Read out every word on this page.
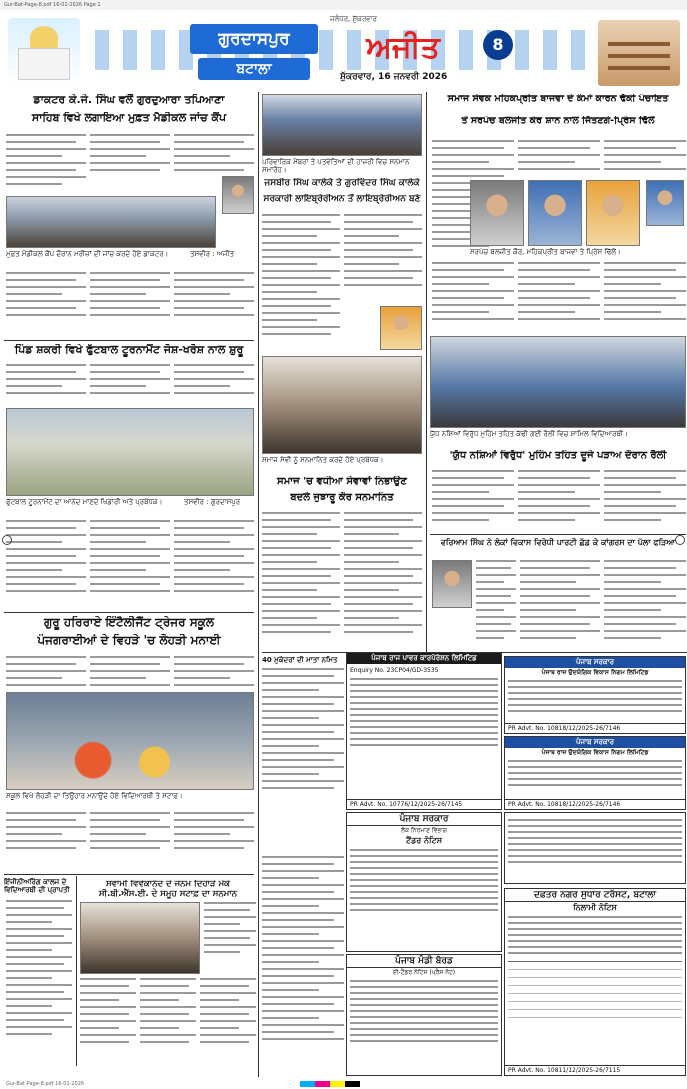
Gur-Bat-Page-8.pdf 16-01-2026 Page 1
ਗੁਰਦਾਸਪੁਰ
ਬਟਾਲਾ
ਜਲੰਧਰ, ਸ਼ੁੱਕਰਵਾਰ
ਅਜੀਤ
ਸ਼ੁੱਕਰਵਾਰ, 16 ਜਨਵਰੀ 2026
8
ਡਾਕਟਰ ਕੇ.ਜੇ. ਸਿੰਘ ਵਲੋਂ ਗੁਰਦੁਆਰਾ ਤਪਿਆਣਾ
ਸਾਹਿਬ ਵਿਖੇ ਲਗਾਇਆ ਮੁਫ਼ਤ ਮੈਡੀਕਲ ਜਾਂਚ ਕੈਂਪ
ਮੁਫ਼ਤ ਮੈਡੀਕਲ ਕੈਂਪ ਦੌਰਾਨ ਮਰੀਜ਼ਾਂ ਦੀ ਜਾਂਚ ਕਰਦੇ ਹੋਏ ਡਾਕਟਰ।	ਤਸਵੀਰ : ਅਜੀਤ
ਪਿੰਡ ਸ਼ਕਰੀ ਵਿਖੇ ਫੁੱਟਬਾਲ ਟੂਰਨਾਮੈਂਟ ਜੋਸ਼-ਖਰੋਸ਼ ਨਾਲ ਸ਼ੁਰੂ
ਫੁੱਟਬਾਲ ਟੂਰਨਾਮੈਂਟ ਦਾ ਆਨੰਦ ਮਾਣਦੇ ਖਿਡਾਰੀ ਅਤੇ ਪ੍ਰਬੰਧਕ।	ਤਸਵੀਰ : ਗੁਰਦਾਸਪੁਰ
ਗੁਰੂ ਹਰਿਰਾਏ ਇੰਟੈਲੀਜੈਂਟ ਟ੍ਰੇਜਰ ਸਕੂਲ
ਪੰਜਗਰਾਈਆਂ ਦੇ ਵਿਹੜੇ 'ਚ ਲੋਹੜੀ ਮਨਾਈ
ਸਕੂਲ ਵਿਖੇ ਲੋਹੜੀ ਦਾ ਤਿਉਹਾਰ ਮਨਾਉਂਦੇ ਹੋਏ ਵਿਦਿਆਰਥੀ ਤੇ ਸਟਾਫ਼।
ਇੰਜੀਨੀਅਰਿੰਗ ਕਾਲਜ ਦੇ ਵਿਦਿਆਰਥੀ ਦੀ ਪ੍ਰਾਪਤੀ
ਸਵਾਮੀ ਵਿਵੇਕਾਨੰਦ ਦੇ ਜਨਮ ਦਿਹਾੜੇ ਮੌਕੇ ਸੀ.ਬੀ.ਐੱਸ.ਈ. ਦੇ ਸਮੂਹ ਸਟਾਫ਼ ਦਾ ਸਨਮਾਨ
ਪਰਿਵਾਰਿਕ ਮੈਂਬਰਾਂ ਤੇ ਪਤਵੰਤਿਆਂ ਦੀ ਹਾਜ਼ਰੀ ਵਿਚ ਸਨਮਾਨ ਸਮਾਰੋਹ।
ਜਸਬੀਰ ਸਿੰਘ ਕਾਲੇਕੇ ਤੇ ਗੁਰਵਿੰਦਰ ਸਿੰਘ ਕਾਲੇਕੇ
ਸਰਕਾਰੀ ਲਾਇਬ੍ਰੇਰੀਅਨ ਤੋਂ ਲਾਇਬ੍ਰੇਰੀਅਨ ਬਣੇ
ਸਮਾਜ ਸੇਵੀ ਨੂੰ ਸਨਮਾਨਿਤ ਕਰਦੇ ਹੋਏ ਪ੍ਰਬੰਧਕ।
ਸਮਾਜ 'ਚ ਵਧੀਆ ਸੇਵਾਵਾਂ ਨਿਭਾਉਣ
ਬਦਲੇ ਜੁਝਾਰੂ ਕੌਰ ਸਨਮਾਨਿਤ
40 ਮੁਕੰਦਰਾਂ ਦੀ ਮਾਤਾ ਨਮਿਤ	ਪੰਜਾਬ ਰਾਜ ਪਾਵਰ ਕਾਰਪੋਰੇਸ਼ਨ ਲਿਮਿਟਿਡ
Enquiry No. 23CP04/GD-3535
PR Advt. No. 10776/12/2025-26/7145
ਪੰਜਾਬ ਸਰਕਾਰ
ਲੋਕ ਨਿਰਮਾਣ ਵਿਭਾਗ
ਟੈਂਡਰ ਨੋਟਿਸ
ਪੰਜਾਬ ਮੰਡੀ ਬੋਰਡ
ਈ-ਟੈਂਡਰ ਨੋਟਿਸ (ਪ੍ਰੈਸ ਨੋਟ)
ਸਮਾਜ ਸੇਵਕ ਮਹਿਕਪ੍ਰੀਤ ਬਾਜਵਾ ਦੇ ਕੰਮਾਂ ਕਾਰਨ ਢੱਕੀ ਪੰਚਾਇਤ
ਤੋਂ ਸਰਪੰਚ ਬਲਜੀਤ ਕੌਰ ਸ਼ਾਨ ਨਾਲ ਜਿੱਤਣਗੇ-ਪ੍ਰਿੰਸ ਢਿੱਲੋਂ
ਸਰਪੰਚ ਬਲਜੀਤ ਕੌਰ, ਮਹਿਕਪ੍ਰੀਤ ਬਾਜਵਾ ਤੇ ਪ੍ਰਿੰਸ ਢਿੱਲੋਂ।
ਯੁੱਧ ਨਸ਼ਿਆਂ ਵਿਰੁੱਧ ਮੁਹਿੰਮ ਤਹਿਤ ਕੱਢੀ ਗਈ ਰੈਲੀ ਵਿਚ ਸ਼ਾਮਿਲ ਵਿਦਿਆਰਥੀ।
'ਯੁੱਧ ਨਸ਼ਿਆਂ ਵਿਰੁੱਧ' ਮੁਹਿੰਮ ਤਹਿਤ ਦੂਜੇ ਪੜਾਅ ਦੌਰਾਨ ਰੈਲੀ
ਵਰਿਆਮ ਸਿੰਘ ਨੇ ਲੋਕਾਂ ਵਿਕਾਸ ਵਿਰੋਧੀ ਪਾਰਟੀ ਛੱਡ ਕੇ ਕਾਂਗਰਸ ਦਾ ਪੱਲਾ ਫੜਿਆ
ਪੰਜਾਬ ਸਰਕਾਰ
ਪੰਜਾਬ ਰਾਜ ਉਦਯੋਗਿਕ ਵਿਕਾਸ ਨਿਗਮ ਲਿਮਿਟਿਡ
PR Advt. No. 10818/12/2025-26/7146
ਪੰਜਾਬ ਸਰਕਾਰ
ਪੰਜਾਬ ਰਾਜ ਉਦਯੋਗਿਕ ਵਿਕਾਸ ਨਿਗਮ ਲਿਮਿਟਿਡ
PR Advt. No. 10818/12/2025-26/7146
ਦਫ਼ਤਰ ਨਗਰ ਸੁਧਾਰ ਟਰੱਸਟ, ਬਟਾਲਾ
ਨਿਲਾਮੀ ਨੋਟਿਸ
PR Advt. No. 10811/12/2025-26/7115
Gur-Bat-Page-8.pdf 16-01-2026
